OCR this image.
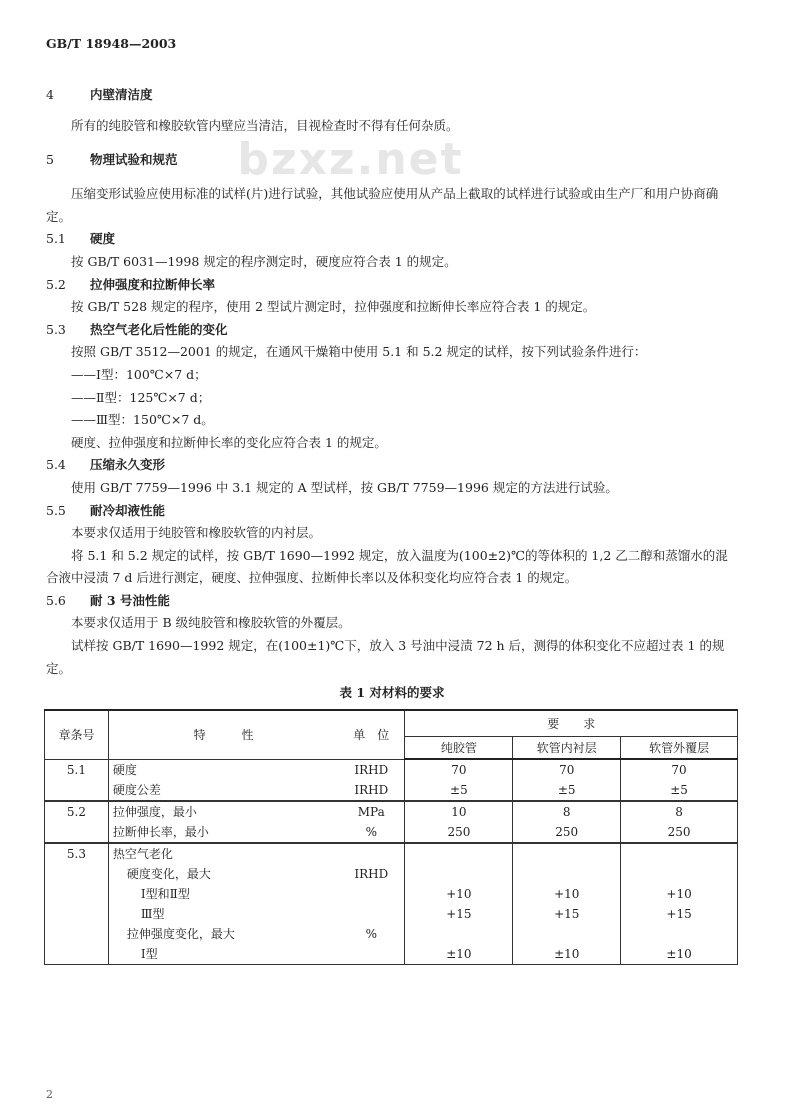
GB/T 18948—2003
4	内壁清洁度
所有的纯胶管和橡胶软管内壁应当清洁，目视检查时不得有任何杂质。
5	物理试验和规范 bzxz.net
压缩变形试验应使用标准的试样(片)进行试验，其他试验应使用从产品上截取的试样进行试验或由生产厂和用户协商确定。
5.1 硬度
按 GB/T 6031—1998 规定的程序测定时，硬度应符合表 1 的规定。
5.2 拉伸强度和拉断伸长率
按 GB/T 528 规定的程序，使用 2 型试片测定时，拉伸强度和拉断伸长率应符合表 1 的规定。
5.3 热空气老化后性能的变化
按照 GB/T 3512—2001 的规定，在通风干燥箱中使用 5.1 和 5.2 规定的试样，按下列试验条件进行：
——Ⅰ型：100℃×7 d；
——Ⅱ型：125℃×7 d；
——Ⅲ型：150℃×7 d。
硬度、拉伸强度和拉断伸长率的变化应符合表 1 的规定。
5.4 压缩永久变形
使用 GB/T 7759—1996 中 3.1 规定的 A 型试样，按 GB/T 7759—1996 规定的方法进行试验。
5.5 耐冷却液性能
本要求仅适用于纯胶管和橡胶软管的内衬层。
将 5.1 和 5.2 规定的试样，按 GB/T 1690—1992 规定，放入温度为(100±2)℃的等体积的 1,2 乙二醇和蒸馏水的混合液中浸渍 7 d 后进行测定，硬度、拉伸强度、拉断伸长率以及体积变化均应符合表 1 的规定。
5.6 耐 3 号油性能
本要求仅适用于 B 级纯胶管和橡胶软管的外覆层。
试样按 GB/T 1690—1992 规定，在(100±1)℃下，放入 3 号油中浸渍 72 h 后，测得的体积变化不应超过表 1 的规定。
表 1 对材料的要求
章条号	特　　　性	单　位	要　　求		
			纯胶管	软管内衬层	软管外覆层
5.1	硬度	IRHD	70	70	70
	硬度公差	IRHD	±5	±5	±5
5.2	拉伸强度，最小	MPa	10	8	8
	拉断伸长率，最小	%	250	250	250
5.3	热空气老化				
	硬度变化，最大	IRHD			
	Ⅰ型和Ⅱ型		+10	+10	+10
	Ⅲ型		+15	+15	+15
	拉伸强度变化，最大	%			
	Ⅰ型		±10	±10	±10
2
